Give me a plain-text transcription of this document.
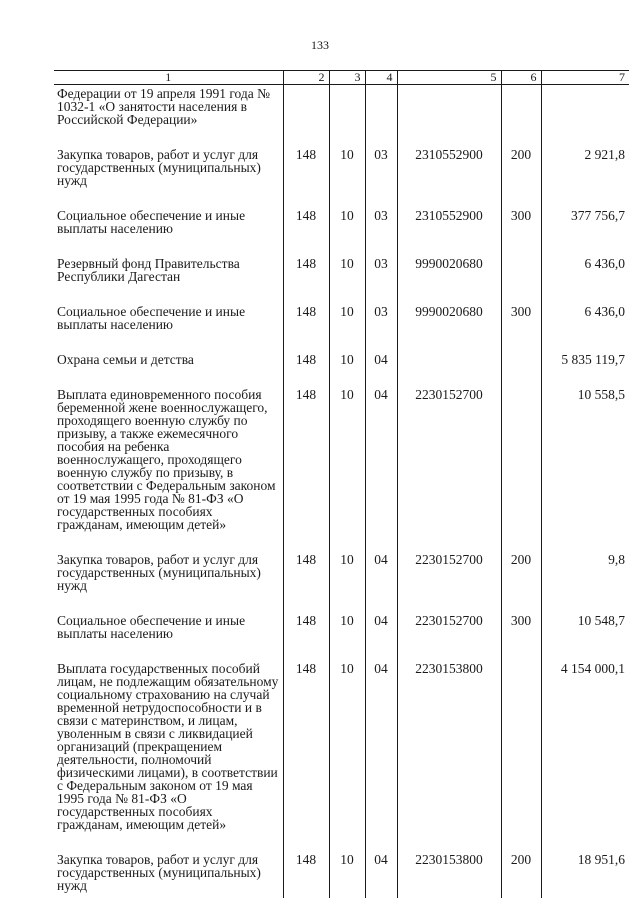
133
1	2	3	4	5	6	7
Федерации от 19 апреля 1991 года № 1032-1 «О занятости населения в Российской Федерации»						
Закупка товаров, работ и услуг для государственных (муниципальных) нужд	148	10	03	2310552900	200	2 921,8
Социальное обеспечение и иные выплаты населению	148	10	03	2310552900	300	377 756,7
Резервный фонд Правительства Республики Дагестан	148	10	03	9990020680		6 436,0
Социальное обеспечение и иные выплаты населению	148	10	03	9990020680	300	6 436,0
Охрана семьи и детства	148	10	04			5 835 119,7
Выплата единовременного пособия беременной жене военнослужащего, проходящего военную службу по призыву, а также ежемесячного пособия на ребенка военнослужащего, проходящего военную службу по призыву, в соответствии с Федеральным законом от 19 мая 1995 года № 81-ФЗ «О государственных пособиях гражданам, имеющим детей»	148	10	04	2230152700		10 558,5
Закупка товаров, работ и услуг для государственных (муниципальных) нужд	148	10	04	2230152700	200	9,8
Социальное обеспечение и иные выплаты населению	148	10	04	2230152700	300	10 548,7
Выплата государственных пособий лицам, не подлежащим обязательному социальному страхованию на случай временной нетрудоспособности и в связи с материнством, и лицам, уволенным в связи с ликвидацией организаций (прекращением деятельности, полномочий физическими лицами), в соответствии с Федеральным законом от 19 мая 1995 года № 81-ФЗ «О государственных пособиях гражданам, имеющим детей»	148	10	04	2230153800		4 154 000,1
Закупка товаров, работ и услуг для государственных (муниципальных) нужд	148	10	04	2230153800	200	18 951,6
